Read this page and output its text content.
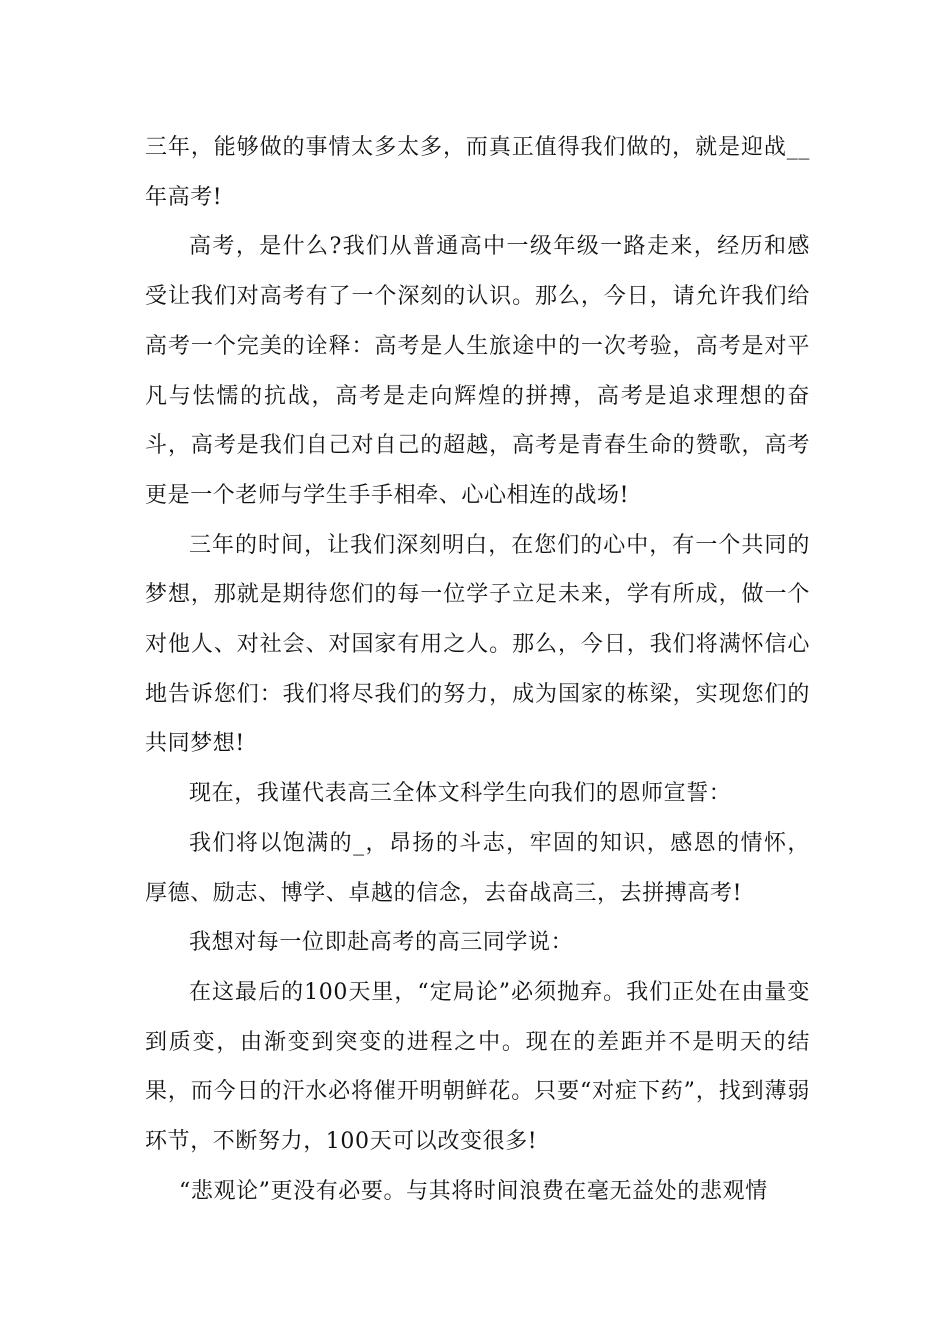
三年，能够做的事情太多太多，而真正值得我们做的，就是迎战__年高考!

高考，是什么?我们从普通高中一级年级一路走来，经历和感受让我们对高考有了一个深刻的认识。那么，今日，请允许我们给高考一个完美的诠释：高考是人生旅途中的一次考验，高考是对平凡与怯懦的抗战，高考是走向辉煌的拼搏，高考是追求理想的奋斗，高考是我们自己对自己的超越，高考是青春生命的赞歌，高考更是一个老师与学生手手相牵、心心相连的战场!

三年的时间，让我们深刻明白，在您们的心中，有一个共同的梦想，那就是期待您们的每一位学子立足未来，学有所成，做一个对他人、对社会、对国家有用之人。那么，今日，我们将满怀信心地告诉您们：我们将尽我们的努力，成为国家的栋梁，实现您们的共同梦想!

现在，我谨代表高三全体文科学生向我们的恩师宣誓：

我们将以饱满的_，昂扬的斗志，牢固的知识，感恩的情怀，厚德、励志、博学、卓越的信念，去奋战高三，去拼搏高考!

我想对每一位即赴高考的高三同学说：

在这最后的100天里，“定局论”必须抛弃。我们正处在由量变到质变，由渐变到突变的进程之中。现在的差距并不是明天的结果，而今日的汗水必将催开明朝鲜花。只要“对症下药”，找到薄弱环节，不断努力，100天可以改变很多!

“悲观论”更没有必要。与其将时间浪费在毫无益处的悲观情
